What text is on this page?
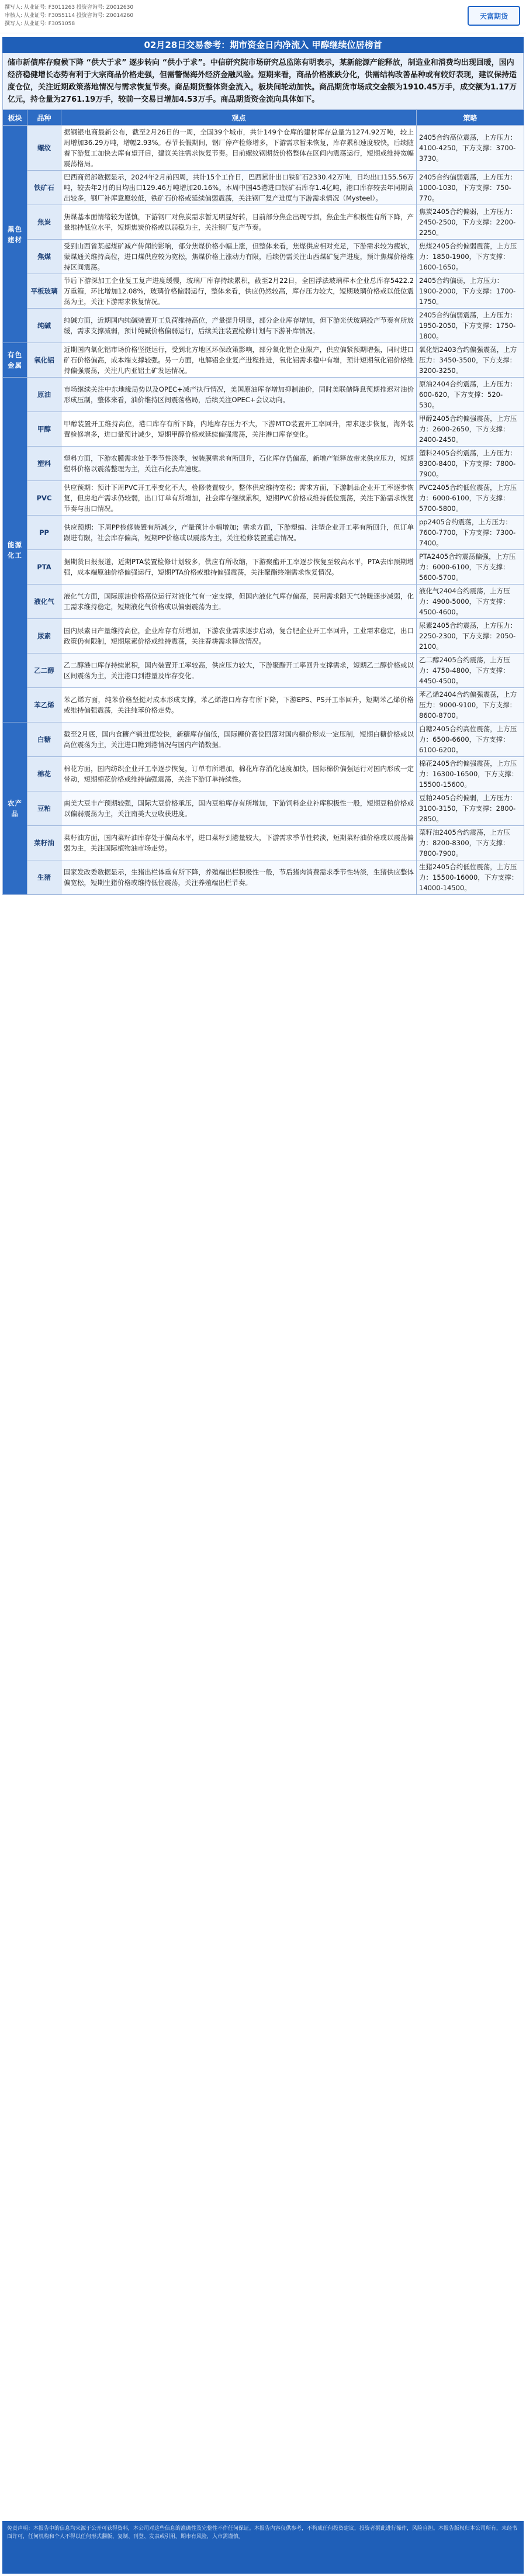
撰写人: 从业证号: F3011263 投资咨询号: Z0012630
审核人: 从业证号: F3055114 投资咨询号: Z0014260
撰写人: 从业证号: F3051058
天富期货
02月28日交易参考：期市资金日内净流入 甲醇继续位居榜首
储市新债库存窥候下降 “供大于求” 逐步转向 “供小于求”。中信研究院市场研究总监陈有明表示，某新能源产能释放，制造业和消费均出现回暖，国内经济稳健增长态势有利于大宗商品价格走强，但需警惕海外经济金融风险。短期来看，商品价格涨跌分化，供需结构改善品种或有较好表现，建议保持适度仓位，关注近期政策落地情况与需求恢复节奏。商品期货整体资金流入，板块间轮动加快。商品期货市场成交金额为1910.45万手，成交额为1.17万亿元，持仓量为2761.19万手，较前一交易日增加4.53万手。商品期货资金流向具体如下。
板块	品种	观点	策略
黑色建材	螺纹	据钢银电商最新公布，截至2月26日的一周，全国39个城市，共计149个仓库的建材库存总量为1274.92万吨，较上周增加36.29万吨，增幅2.93%。春节长假期间，钢厂停产检修增多，下游需求暂未恢复，库存累积速度较快，后续随着下游复工加快去库有望开启，建议关注需求恢复节奏。目前螺纹钢期货价格整体在区间内震荡运行，短期或维持宽幅震荡格局。	2405合约高位震荡，上方压力：4100-4250，下方支撑：3700-3730。
	铁矿石	巴西商贸部数据显示，2024年2月前四周，共计15个工作日，巴西累计出口铁矿石2330.42万吨，日均出口155.56万吨，较去年2月的日均出口129.46万吨增加20.16%。本周中国45港进口铁矿石库存1.4亿吨，港口库存较去年同期高出较多，钢厂补库意愿较低，铁矿石价格或延续偏弱震荡，关注钢厂复产进度与下游需求情况（Mysteel）。	2405合约偏弱震荡，上方压力：1000-1030，下方支撑：750-770。
	焦炭	焦煤基本面情绪较为谨慎，下游钢厂对焦炭需求暂无明显好转，目前部分焦企出现亏损，焦企生产积极性有所下降，产量维持低位水平，短期焦炭价格或以弱稳为主，关注钢厂复产节奏。	焦炭2405合约偏弱，上方压力：2450-2500，下方支撑：2200-2250。
	焦煤	受到山西省某起煤矿减产传闻的影响，部分焦煤价格小幅上涨，但整体来看，焦煤供应相对充足，下游需求较为疲软，蒙煤通关维持高位，进口煤供应较为宽松，焦煤价格上涨动力有限，后续仍需关注山西煤矿复产进度，预计焦煤价格维持区间震荡。	焦煤2405合约偏弱震荡，上方压力：1850-1900，下方支撑：1600-1650。
	平板玻璃	节后下游深加工企业复工复产进度缓慢，玻璃厂库存持续累积，截至2月22日，全国浮法玻璃样本企业总库存5422.2万重箱，环比增加12.08%，玻璃价格偏弱运行，整体来看，供应仍然较高，库存压力较大，短期玻璃价格或以低位震荡为主，关注下游需求恢复情况。	2405合约偏弱，上方压力：1900-2000，下方支撑：1700-1750。
	纯碱	纯碱方面，近期国内纯碱装置开工负荷维持高位，产量提升明显，部分企业库存增加，但下游光伏玻璃投产节奏有所放缓，需求支撑减弱，预计纯碱价格偏弱运行，后续关注装置检修计划与下游补库情况。	2405合约偏弱震荡，上方压力：1950-2050，下方支撑：1750-1800。
有色金属	氧化铝	近期国内氧化铝市场价格坚挺运行，受到北方地区环保政策影响，部分氧化铝企业限产，供应偏紧预期增强，同时进口矿石价格偏高，成本端支撑较强。另一方面，电解铝企业复产进程推进，氧化铝需求稳中有增，预计短期氧化铝价格维持偏强震荡，关注几内亚铝土矿发运情况。	氧化铝2403合约偏强震荡，上方压力：3450-3500，下方支撑：3200-3250。
能源化工	原油	市场继续关注中东地缘局势以及OPEC+减产执行情况，美国原油库存增加抑制油价，同时美联储降息预期推迟对油价形成压制，整体来看，油价维持区间震荡格局，后续关注OPEC+会议动向。	原油2404合约震荡，上方压力：600-620，下方支撑：520-530。
	甲醇	甲醇装置开工维持高位，港口库存有所下降，内地库存压力不大，下游MTO装置开工率回升，需求逐步恢复，海外装置检修增多，进口量预计减少，短期甲醇价格或延续偏强震荡，关注港口库存变化。	甲醇2405合约偏强震荡，上方压力：2600-2650，下方支撑：2400-2450。
	塑料	塑料方面，下游农膜需求处于季节性淡季，包装膜需求有所回升，石化库存仍偏高，新增产能释放带来供应压力，短期塑料价格以震荡整理为主，关注石化去库速度。	塑料2405合约震荡，上方压力：8300-8400，下方支撑：7800-7900。
	PVC	供应预期：预计下周PVC开工率变化不大，检修装置较少，整体供应维持宽松；需求方面，下游制品企业开工率逐步恢复，但房地产需求仍较弱，出口订单有所增加，社会库存继续累积，短期PVC价格或维持低位震荡，关注下游需求恢复节奏与出口情况。	PVC2405合约低位震荡，上方压力：6000-6100，下方支撑：5700-5800。
	PP	供应预期：下周PP检修装置有所减少，产量预计小幅增加；需求方面，下游塑编、注塑企业开工率有所回升，但订单跟进有限，社会库存偏高，短期PP价格或以震荡为主，关注检修装置重启情况。	pp2405合约震荡，上方压力：7600-7700，下方支撑：7300-7400。
	PTA	据期货日报报道，近期PTA装置检修计划较多，供应有所收缩，下游聚酯开工率逐步恢复至较高水平，PTA去库预期增强，成本端原油价格偏强运行，短期PTA价格或维持偏强震荡，关注聚酯终端需求恢复情况。	PTA2405合约震荡偏强，上方压力：6000-6100，下方支撑：5600-5700。
	液化气	液化气方面，国际原油价格高位运行对液化气有一定支撑，但国内液化气库存偏高，民用需求随天气转暖逐步减弱，化工需求维持稳定，短期液化气价格或以偏弱震荡为主。	液化气2404合约震荡，上方压力：4900-5000，下方支撑：4500-4600。
	尿素	国内尿素日产量维持高位，企业库存有所增加，下游农业需求逐步启动，复合肥企业开工率回升，工业需求稳定，出口政策仍有限制，短期尿素价格或维持震荡，关注春耕需求释放情况。	尿素2405合约震荡，上方压力：2250-2300，下方支撑：2050-2100。
	乙二醇	乙二醇港口库存持续累积，国内装置开工率较高，供应压力较大，下游聚酯开工率回升支撑需求，短期乙二醇价格或以区间震荡为主，关注港口到港量及库存变化。	乙二醇2405合约震荡，上方压力：4750-4800，下方支撑：4450-4500。
	苯乙烯	苯乙烯方面，纯苯价格坚挺对成本形成支撑，苯乙烯港口库存有所下降，下游EPS、PS开工率回升，短期苯乙烯价格或维持偏强震荡，关注纯苯价格走势。	苯乙烯2404合约偏强震荡，上方压力：9000-9100，下方支撑：8600-8700。
农产品	白糖	截至2月底，国内食糖产销进度较快，新糖库存偏低，国际糖价高位回落对国内糖价形成一定压制，短期白糖价格或以高位震荡为主，关注进口糖到港情况与国内产销数据。	白糖2405合约高位震荡，上方压力：6500-6600，下方支撑：6100-6200。
	棉花	棉花方面，国内纺织企业开工率逐步恢复，订单有所增加，棉花库存消化速度加快，国际棉价偏强运行对国内形成一定带动，短期棉花价格或维持偏强震荡，关注下游订单持续性。	棉花2405合约偏强震荡，上方压力：16300-16500，下方支撑：15500-15600。
	豆粕	南美大豆丰产预期较强，国际大豆价格承压，国内豆粕库存有所增加，下游饲料企业补库积极性一般，短期豆粕价格或以偏弱震荡为主，关注南美大豆收获进度。	豆粕2405合约偏弱，上方压力：3100-3150，下方支撑：2800-2850。
	菜籽油	菜籽油方面，国内菜籽油库存处于偏高水平，进口菜籽到港量较大，下游需求季节性转淡，短期菜籽油价格或以震荡偏弱为主，关注国际植物油市场走势。	菜籽油2405合约震荡，上方压力：8200-8300，下方支撑：7800-7900。
	生猪	国家发改委数据显示，生猪出栏体重有所下降，养殖端出栏积极性一般，节后猪肉消费需求季节性转淡，生猪供应整体偏宽松，短期生猪价格或维持低位震荡，关注养殖端出栏节奏。	生猪2405合约低位震荡，上方压力：15500-16000，下方支撑：14000-14500。
免责声明：本报告中的信息均来源于公开可获得资料，本公司对这些信息的准确性及完整性不作任何保证。本报告内容仅供参考，不构成任何投资建议，投资者据此进行操作，风险自担。本报告版权归本公司所有，未经书面许可，任何机构和个人不得以任何形式翻版、复制、刊登、发表或引用。期市有风险，入市需谨慎。
